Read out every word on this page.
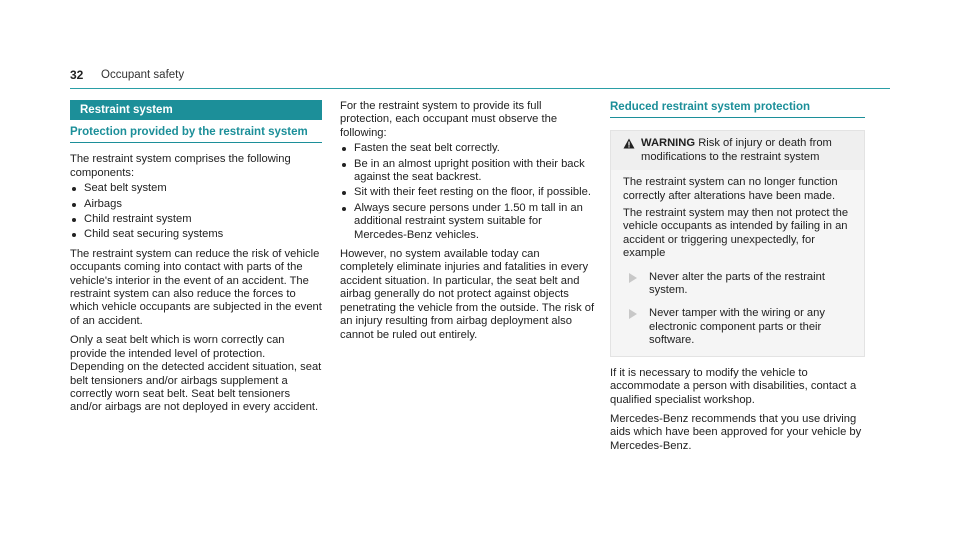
32 Occupant safety
Restraint system
Protection provided by the restraint system

The restraint system comprises the following components:

Seat belt system
Airbags
Child restraint system
Child seat securing systems

The restraint system can reduce the risk of vehicle occupants coming into contact with parts of the vehicle's interior in the event of an accident. The restraint system can also reduce the forces to which vehicle occupants are subjected in the event of an accident.

Only a seat belt which is worn correctly can provide the intended level of protection. Depending on the detected accident situation, seat belt tensioners and/or airbags supplement a correctly worn seat belt. Seat belt tensioners and/or airbags are not deployed in every accident.

For the restraint system to provide its full protection, each occupant must observe the following:

Fasten the seat belt correctly.
Be in an almost upright position with their back against the seat backrest.
Sit with their feet resting on the floor, if possible.
Always secure persons under 1.50 m tall in an additional restraint system suitable for Mercedes-Benz vehicles.

However, no system available today can completely eliminate injuries and fatalities in every accident situation. In particular, the seat belt and airbag generally do not protect against objects penetrating the vehicle from the outside. The risk of an injury resulting from airbag deployment also cannot be ruled out entirely.

Reduced restraint system protection
WARNING Risk of injury or death from modifications to the restraint system

The restraint system can no longer function correctly after alterations have been made.

The restraint system may then not protect the vehicle occupants as intended by failing in an accident or triggering unexpectedly, for example

Never alter the parts of the restraint system.
Never tamper with the wiring or any electronic component parts or their software.

If it is necessary to modify the vehicle to accommodate a person with disabilities, contact a qualified specialist workshop.

Mercedes-Benz recommends that you use driving aids which have been approved for your vehicle by Mercedes-Benz.
